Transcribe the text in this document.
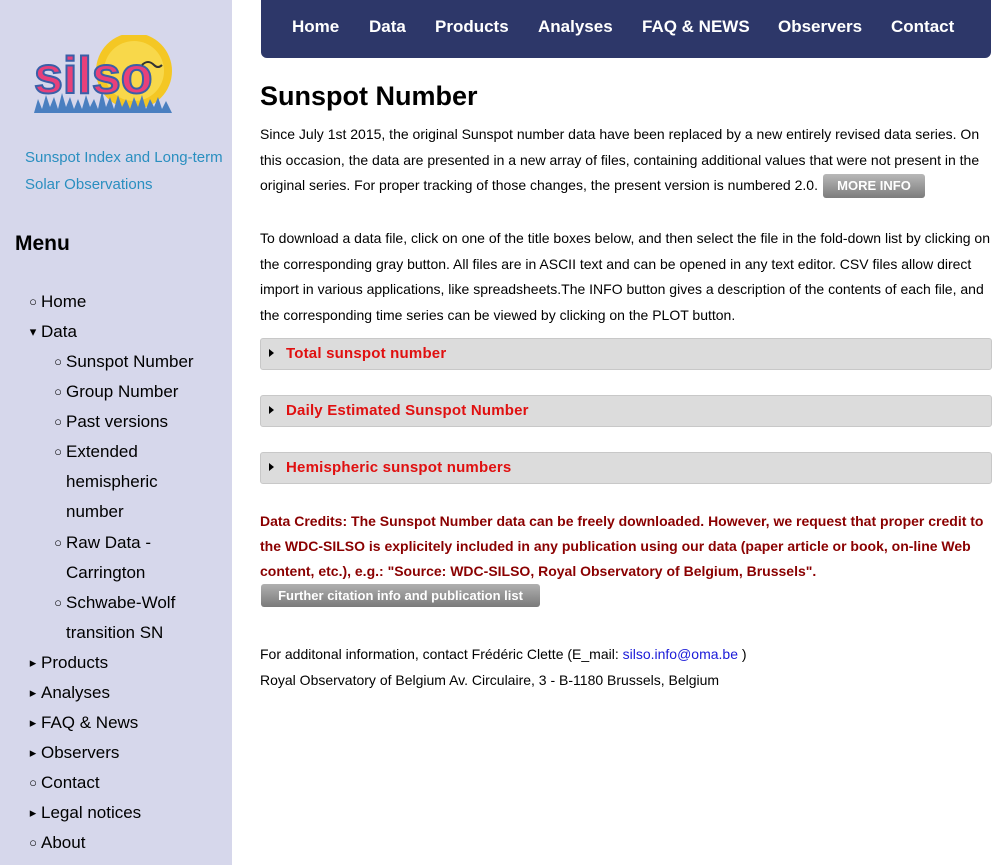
silso
Sunspot Index and Long-term Solar Observations
Menu
○ Home
▾ Data
○ Sunspot Number
○ Group Number
○ Past versions
○ Extended hemispheric number
○ Raw Data - Carrington
○ Schwabe-Wolf transition SN
▸ Products
▸ Analyses
▸ FAQ & News
▸ Observers
○ Contact
▸ Legal notices
○ About
Home Data Products Analyses FAQ & NEWS Observers Contact
Sunspot Number

Since July 1st 2015, the original Sunspot number data have been replaced by a new entirely revised data series. On this occasion, the data are presented in a new array of files, containing additional values that were not present in the original series. For proper tracking of those changes, the present version is numbered 2.0.	MORE INFO

To download a data file, click on one of the title boxes below, and then select the file in the fold-down list by clicking on the corresponding gray button. All files are in ASCII text and can be opened in any text editor. CSV files allow direct import in various applications, like spreadsheets.The INFO button gives a description of the contents of each file, and the corresponding time series can be viewed by clicking on the PLOT button.

Total sunspot number
Daily Estimated Sunspot Number
Hemispheric sunspot numbers

Data Credits: The Sunspot Number data can be freely downloaded. However, we request that proper credit to the WDC-SILSO is explicitely included in any publication using our data (paper article or book, on-line Web content, etc.), e.g.: "Source: WDC-SILSO, Royal Observatory of Belgium, Brussels".

Further citation info and publication list

For additonal information, contact Frédéric Clette (E_mail: silso.info@oma.be )
Royal Observatory of Belgium Av. Circulaire, 3 - B-1180 Brussels, Belgium
